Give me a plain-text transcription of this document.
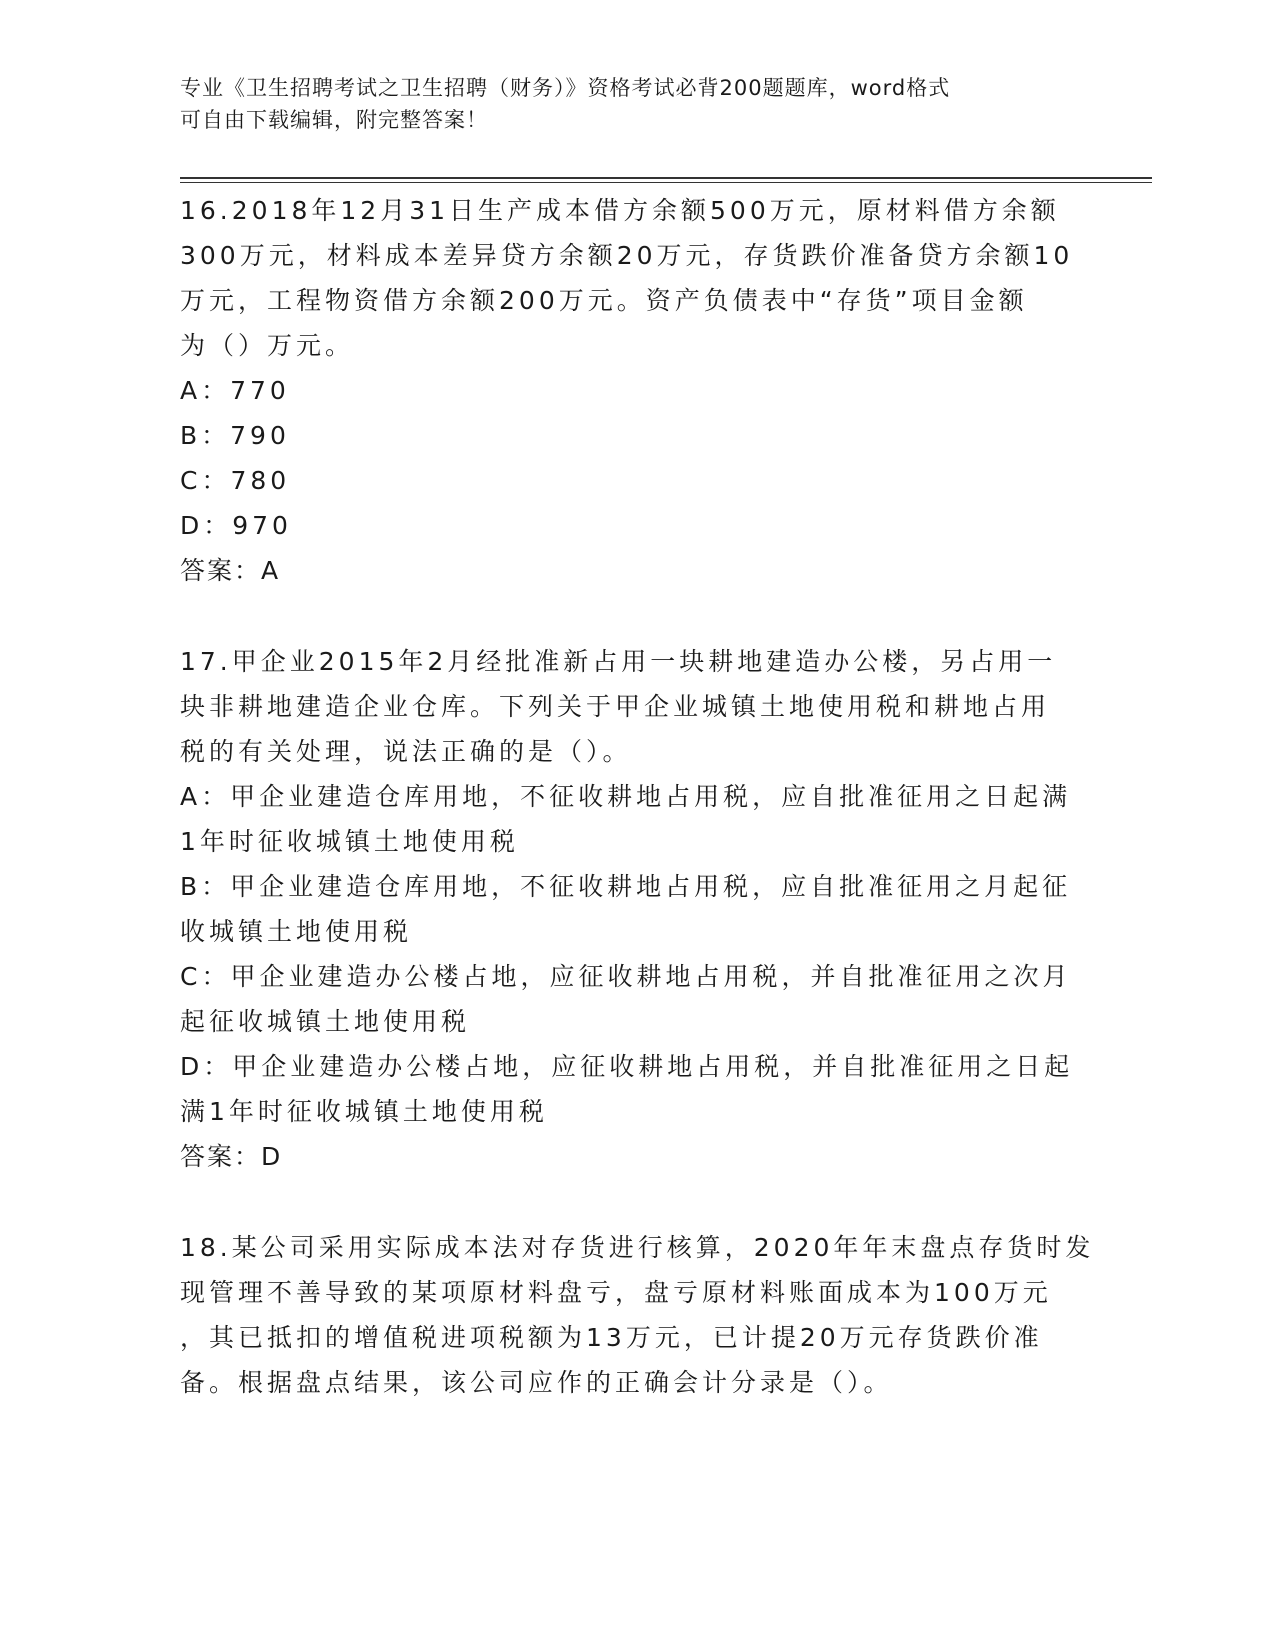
专业《卫生招聘考试之卫生招聘（财务）》资格考试必背200题题库，word格式
可自由下载编辑，附完整答案！
16.2018年12月31日生产成本借方余额500万元，原材料借方余额
300万元，材料成本差异贷方余额20万元，存货跌价准备贷方余额10
万元，工程物资借方余额200万元。资产负债表中“存货”项目金额
为（）万元。
A：770
B：790
C：780
D：970
答案：A
17.甲企业2015年2月经批准新占用一块耕地建造办公楼，另占用一
块非耕地建造企业仓库。下列关于甲企业城镇土地使用税和耕地占用
税的有关处理，说法正确的是（）。
A：甲企业建造仓库用地，不征收耕地占用税，应自批准征用之日起满
1年时征收城镇土地使用税
B：甲企业建造仓库用地，不征收耕地占用税，应自批准征用之月起征
收城镇土地使用税
C：甲企业建造办公楼占地，应征收耕地占用税，并自批准征用之次月
起征收城镇土地使用税
D：甲企业建造办公楼占地，应征收耕地占用税，并自批准征用之日起
满1年时征收城镇土地使用税
答案：D
18.某公司采用实际成本法对存货进行核算，2020年年末盘点存货时发
现管理不善导致的某项原材料盘亏，盘亏原材料账面成本为100万元
，其已抵扣的增值税进项税额为13万元，已计提20万元存货跌价准
备。根据盘点结果，该公司应作的正确会计分录是（）。
